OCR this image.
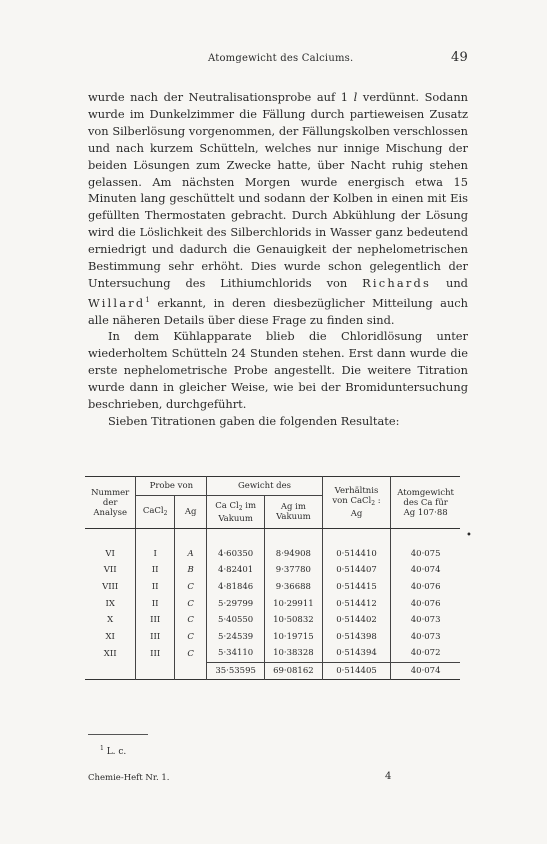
Atomgewicht des Calciums.	49

wurde nach der Neutralisationsprobe auf 1 l verdünnt. Sodann wurde im Dunkelzimmer die Fällung durch partieweisen Zusatz von Silberlösung vorgenommen, der Fällungskolben verschlossen und nach kurzem Schütteln, welches nur innige Mischung der beiden Lösungen zum Zwecke hatte, über Nacht ruhig stehen gelassen. Am nächsten Morgen wurde energisch etwa 15 Minuten lang geschüttelt und sodann der Kolben in einen mit Eis gefüllten Thermostaten gebracht. Durch Abkühlung der Lösung wird die Löslichkeit des Silberchlorids in Wasser ganz bedeutend erniedrigt und dadurch die Genauigkeit der nephelometrischen Bestimmung sehr erhöht. Dies wurde schon gelegentlich der Untersuchung des Lithiumchlorids von Richards und Willard$^1$ erkannt, in deren diesbezüglicher Mitteilung auch alle näheren Details über diese Frage zu finden sind.

In dem Kühlapparate blieb die Chloridlösung unter wiederholtem Schütteln 24 Stunden stehen. Erst dann wurde die erste nephelometrische Probe angestellt. Die weitere Titration wurde dann in gleicher Weise, wie bei der Bromiduntersuchung beschrieben, durchgeführt.

Sieben Titrationen gaben die folgenden Resultate:

Nummer der Analyse	Probe von		Gewicht des		Verhältnis von CaCl$_2$ : Ag	Atomgewicht des Ca für Ag 107·88
	CaCl$_2$	Ag	Ca $Cl_2$ im Vakuum	Ag im Vakuum		

VI	I	A	4·60350	8·94908	0·514410	40·075
VII	II	B	4·82401	9·37780	0·514407	40·074
VIII	II	C	4·81846	9·36688	0·514415	40·076
IX	II	C	5·29799	10·29911	0·514412	40·076
X	III	C	5·40550	10·50832	0·514402	40·073
XI	III	C	5·24539	10·19715	0·514398	40·073
XII	III	C	5·34110	10·38328	0·514394	40·072
			35·53595	69·08162	0·514405	40·074
•
$^1$ L. c.
Chemie-Heft Nr. 1.	4
